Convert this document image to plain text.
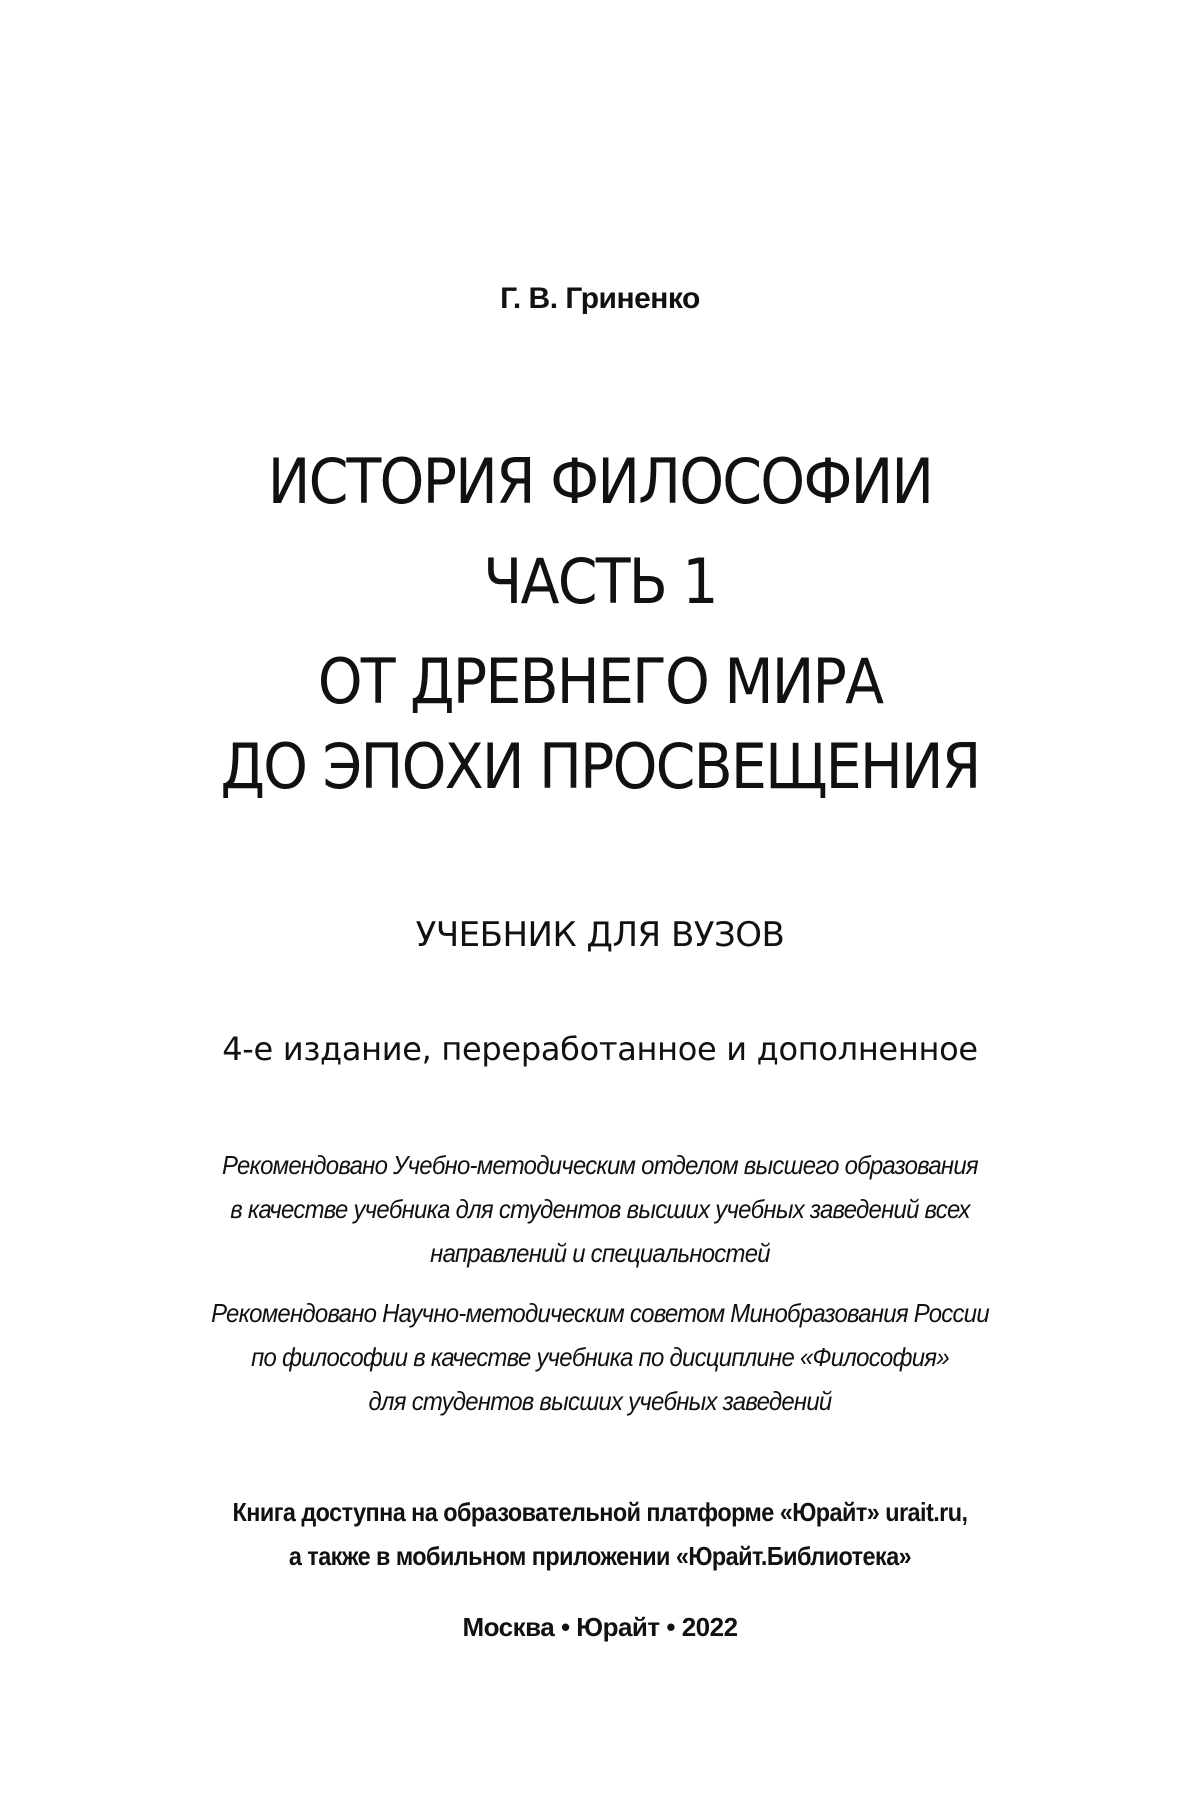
Г. В. Гриненко
ИСТОРИЯ ФИЛОСОФИИ
ЧАСТЬ 1
ОТ ДРЕВНЕГО МИРА
ДО ЭПОХИ ПРОСВЕЩЕНИЯ
УЧЕБНИК ДЛЯ ВУЗОВ
4-е издание, переработанное и дополненное
Рекомендовано Учебно-методическим отделом высшего образования
в качестве учебника для студентов высших учебных заведений всех
направлений и специальностей
Рекомендовано Научно-методическим советом Минобразования России
по философии в качестве учебника по дисциплине «Философия»
для студентов высших учебных заведений
Книга доступна на образовательной платформе «Юрайт» urait.ru,
а также в мобильном приложении «Юрайт.Библиотека»
Москва • Юрайт • 2022
